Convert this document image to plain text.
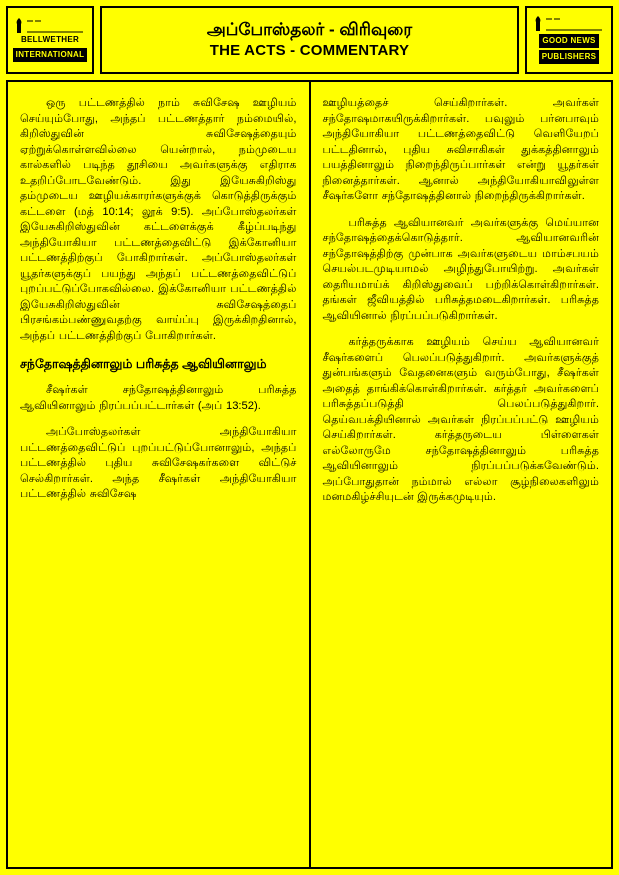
BELLWETHER
INTERNATIONAL
அப்போஸ்தலர் - விரிவுரை
THE ACTS - COMMENTARY
GOOD NEWS
PUBLISHERS

ஒரு பட்டணத்தில் நாம் சுவிசேஷ ஊழியம் செய்யும்போது, அந்தப் பட்டணத்தார் நம்மையில், கிறிஸ்துவின் சுவிசேஷத்தையும் ஏற்றுக்கொள்ளவில்லை யென்றால், நம்முடைய கால்களில் படிந்த தூசியை அவர்களுக்கு எதிராக உதறிப்போடவேண்டும். இது இயேசுகிறிஸ்து தம்முடைய ஊழியக்காரர்களுக்குக் கொடுத்திருக்கும் கட்டளை (மத் 10:14; லூக் 9:5). அப்போஸ்தலர்கள் இயேசுகிறிஸ்துவின் கட்டளைக்குக் கீழ்ப்படிந்து அந்தியோகியா பட்டணத்தைவிட்டு இக்கோனியா பட்டணத்திற்குப் போகிறார்கள். அப்போஸ்தலர்கள் யூதர்களுக்குப் பயந்து அந்தப் பட்டணத்தைவிட்டுப் புறப்பட்டுப்போகவில்லை. இக்கோனியா பட்டணத்தில் இயேசுகிறிஸ்துவின் சுவிசேஷத்தைப் பிரசங்கம்பண்ணுவதற்கு வாய்ப்பு இருக்கிறதினால், அந்தப் பட்டணத்திற்குப் போகிறார்கள்.

சந்தோஷத்தினாலும் பரிசுத்த ஆவியினாலும்

சீஷர்கள் சந்தோஷத்தினாலும் பரிசுத்த ஆவியினாலும் நிரப்பப்பட்டார்கள் (அப் 13:52).

அப்போஸ்தலர்கள் அந்தியோகியா பட்டணத்தைவிட்டுப் புறப்பட்டுப்போனாலும், அந்தப் பட்டணத்தில் புதிய சுவிசேஷகர்களை விட்டுச் செல்கிறார்கள். அந்த சீஷர்கள் அந்தியோகியா பட்டணத்தில் சுவிசேஷ

ஊழியத்தைச் செய்கிறார்கள். அவர்கள் சந்தோஷமாகயிருக்கிறார்கள். பவுலும் பர்னபாவும் அந்தியோகியா பட்டணத்தைவிட்டு வெளியேறப் பட்டதினால், புதிய சுவிசாகிகள் துக்கத்தினாலும் பயத்தினாலும் நிறைந்திருப்பார்கள் என்று யூதர்கள் நினைத்தார்கள். ஆனால் அந்தியோகியாவிலுள்ள சீஷர்களோ சந்தோஷத்தினால் நிறைந்திருக்கிறார்கள்.

பரிசுத்த ஆவியானவர் அவர்களுக்கு மெய்யான சந்தோஷத்தைக்கொடுத்தார். ஆவியானவரின் சந்தோஷத்திற்கு முன்பாக அவர்களுடைய மாம்சபயம் செயல்படமுடியாமல் அழிந்துபோயிற்று. அவர்கள் தைரியமாய்க் கிறிஸ்துவைப் பற்றிக்கொள்கிறார்கள். தங்கள் ஜீவியத்தில் பரிசுத்தமடைகிறார்கள். பரிசுத்த ஆவியினால் நிரப்பப்படுகிறார்கள்.

கர்த்தருக்காக ஊழியம் செய்ய ஆவியானவர் சீஷர்களைப் பெலப்படுத்துகிறார். அவர்களுக்குத் துன்பங்களும் வேதனைகளும் வரும்போது, சீஷர்கள் அதைத் தாங்கிக்கொள்கிறார்கள். கர்த்தர் அவர்களைப் பரிசுத்தப்படுத்தி பெலப்படுத்துகிறார். தெய்வபக்தியினால் அவர்கள் நிரப்பப்பட்டு ஊழியம் செய்கிறார்கள். கர்த்தருடைய பிள்ளைகள் எல்லோருமே சந்தோஷத்தினாலும் பரிசுத்த ஆவியினாலும் நிரப்பப்படுக்கவேண்டும். அப்போதுதான் நம்மால் எல்லா சூழ்நிலைகளிலும் மனமகிழ்ச்சியுடன் இருக்கமுடியும்.
